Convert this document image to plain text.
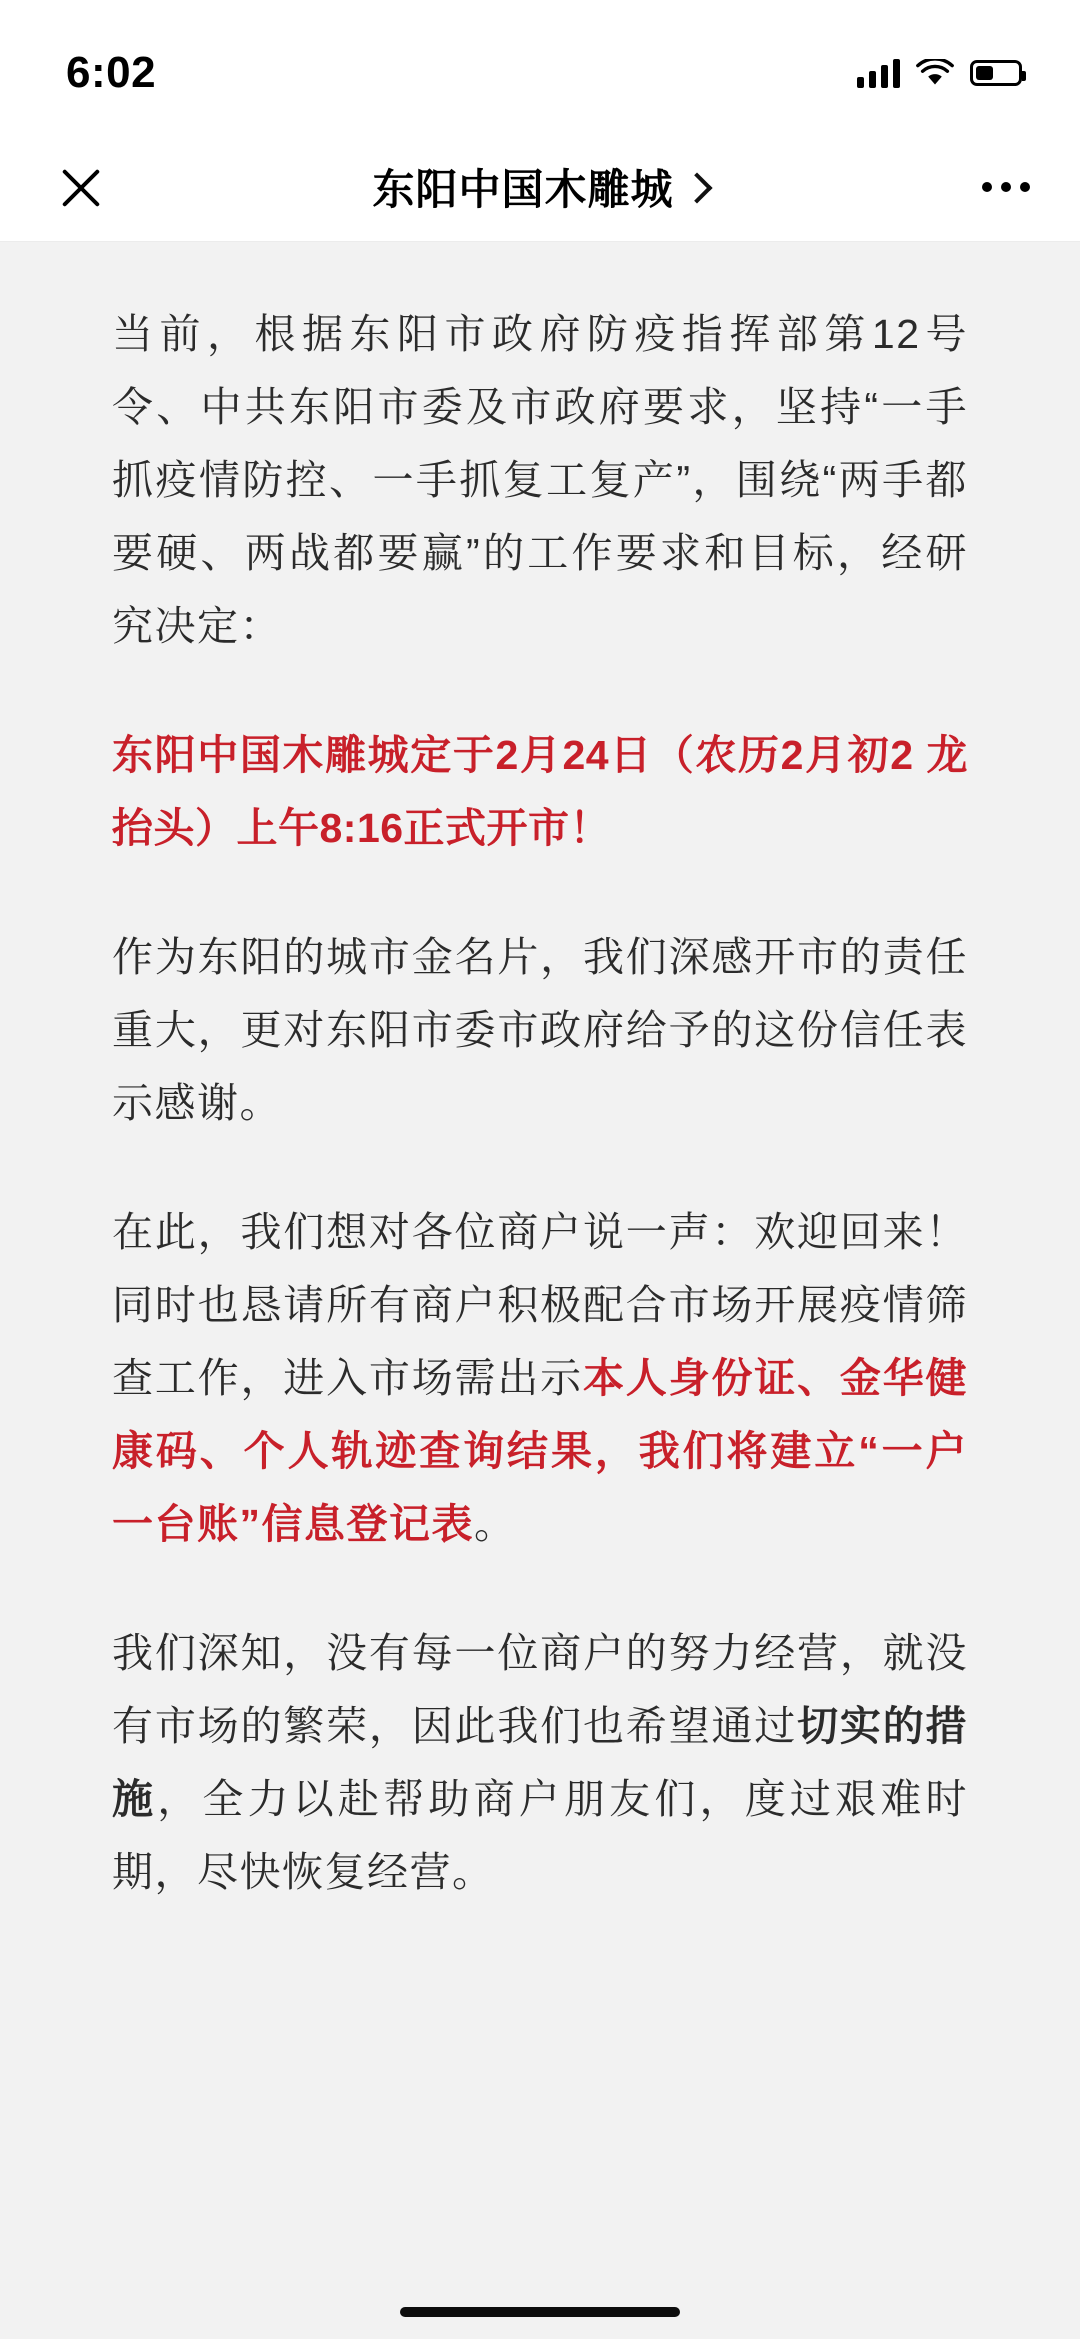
6:02
东阳中国木雕城

当前，根据东阳市政府防疫指挥部第12号令、中共东阳市委及市政府要求，坚持“一手抓疫情防控、一手抓复工复产”，围绕“两手都要硬、两战都要赢”的工作要求和目标，经研究决定：

东阳中国木雕城定于2月24日（农历2月初2 龙抬头）上午8:16正式开市！

作为东阳的城市金名片，我们深感开市的责任重大，更对东阳市委市政府给予的这份信任表示感谢。

在此，我们想对各位商户说一声：欢迎回来！同时也恳请所有商户积极配合市场开展疫情筛查工作，进入市场需出示本人身份证、金华健康码、个人轨迹查询结果，我们将建立“一户一台账”信息登记表。

我们深知，没有每一位商户的努力经营，就没有市场的繁荣，因此我们也希望通过切实的措施，全力以赴帮助商户朋友们，度过艰难时期，尽快恢复经营。
